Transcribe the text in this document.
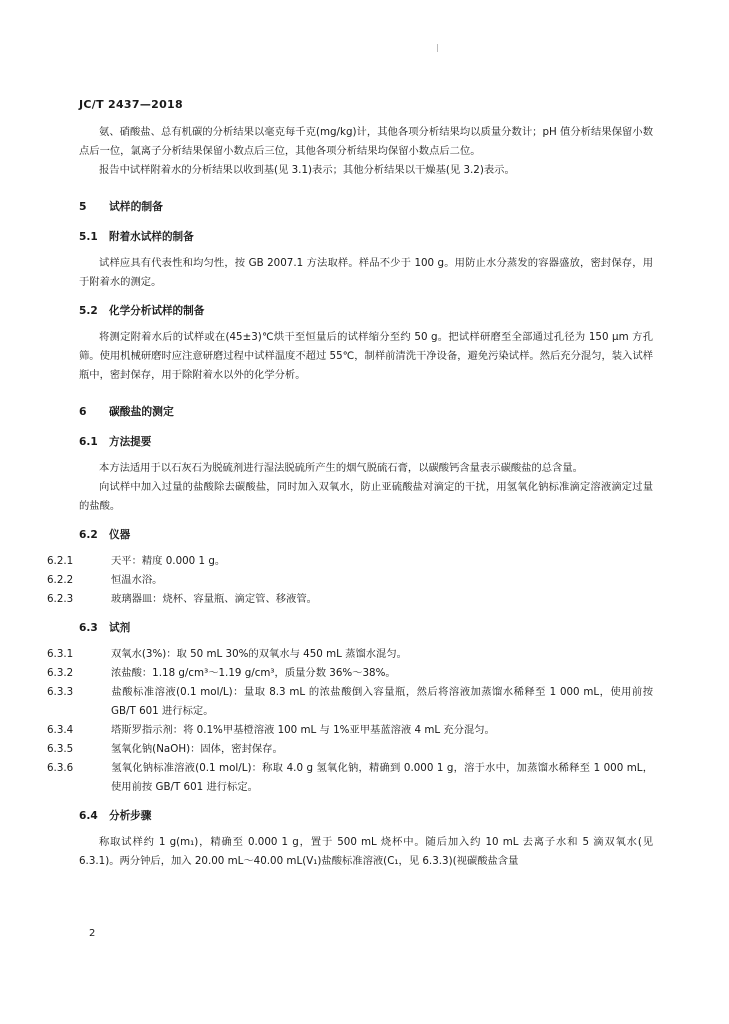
JC/T 2437—2018

氨、硝酸盐、总有机碳的分析结果以毫克每千克(mg/kg)计，其他各项分析结果均以质量分数计；pH 值分析结果保留小数点后一位，氯离子分析结果保留小数点后三位，其他各项分析结果均保留小数点后二位。

报告中试样附着水的分析结果以收到基(见 3.1)表示；其他分析结果以干燥基(见 3.2)表示。

5 试样的制备
5.1 附着水试样的制备

试样应具有代表性和均匀性，按 GB 2007.1 方法取样。样品不少于 100 g。用防止水分蒸发的容器盛放，密封保存，用于附着水的测定。

5.2 化学分析试样的制备

将测定附着水后的试样或在(45±3)℃烘干至恒量后的试样缩分至约 50 g。把试样研磨至全部通过孔径为 150 μm 方孔筛。使用机械研磨时应注意研磨过程中试样温度不超过 55℃，制样前清洗干净设备，避免污染试样。然后充分混匀，装入试样瓶中，密封保存，用于除附着水以外的化学分析。

6 碳酸盐的测定
6.1 方法提要

本方法适用于以石灰石为脱硫剂进行湿法脱硫所产生的烟气脱硫石膏，以碳酸钙含量表示碳酸盐的总含量。

向试样中加入过量的盐酸除去碳酸盐，同时加入双氧水，防止亚硫酸盐对滴定的干扰，用氢氧化钠标准滴定溶液滴定过量的盐酸。

6.2 仪器

6.2.1	天平：精度 0.000 1 g。

6.2.2	恒温水浴。

6.2.3	玻璃器皿：烧杯、容量瓶、滴定管、移液管。

6.3 试剂

6.3.1	双氧水(3%)：取 50 mL 30%的双氧水与 450 mL 蒸馏水混匀。

6.3.2	浓盐酸：1.18 g/cm³～1.19 g/cm³，质量分数 36%～38%。

6.3.3	盐酸标准溶液(0.1 mol/L)：量取 8.3 mL 的浓盐酸倒入容量瓶，然后将溶液加蒸馏水稀释至 1 000 mL，使用前按 GB/T 601 进行标定。

6.3.4	塔斯罗指示剂：将 0.1%甲基橙溶液 100 mL 与 1%亚甲基蓝溶液 4 mL 充分混匀。

6.3.5	氢氧化钠(NaOH)：固体，密封保存。

6.3.6	氢氧化钠标准溶液(0.1 mol/L)：称取 4.0 g 氢氧化钠，精确到 0.000 1 g，溶于水中，加蒸馏水稀释至 1 000 mL，使用前按 GB/T 601 进行标定。

6.4 分析步骤

称取试样约 1 g(m₁)，精确至 0.000 1 g，置于 500 mL 烧杯中。随后加入约 10 mL 去离子水和 5 滴双氧水(见 6.3.1)。两分钟后，加入 20.00 mL～40.00 mL(V₁)盐酸标准溶液(C₁，见 6.3.3)(视碳酸盐含量

2
